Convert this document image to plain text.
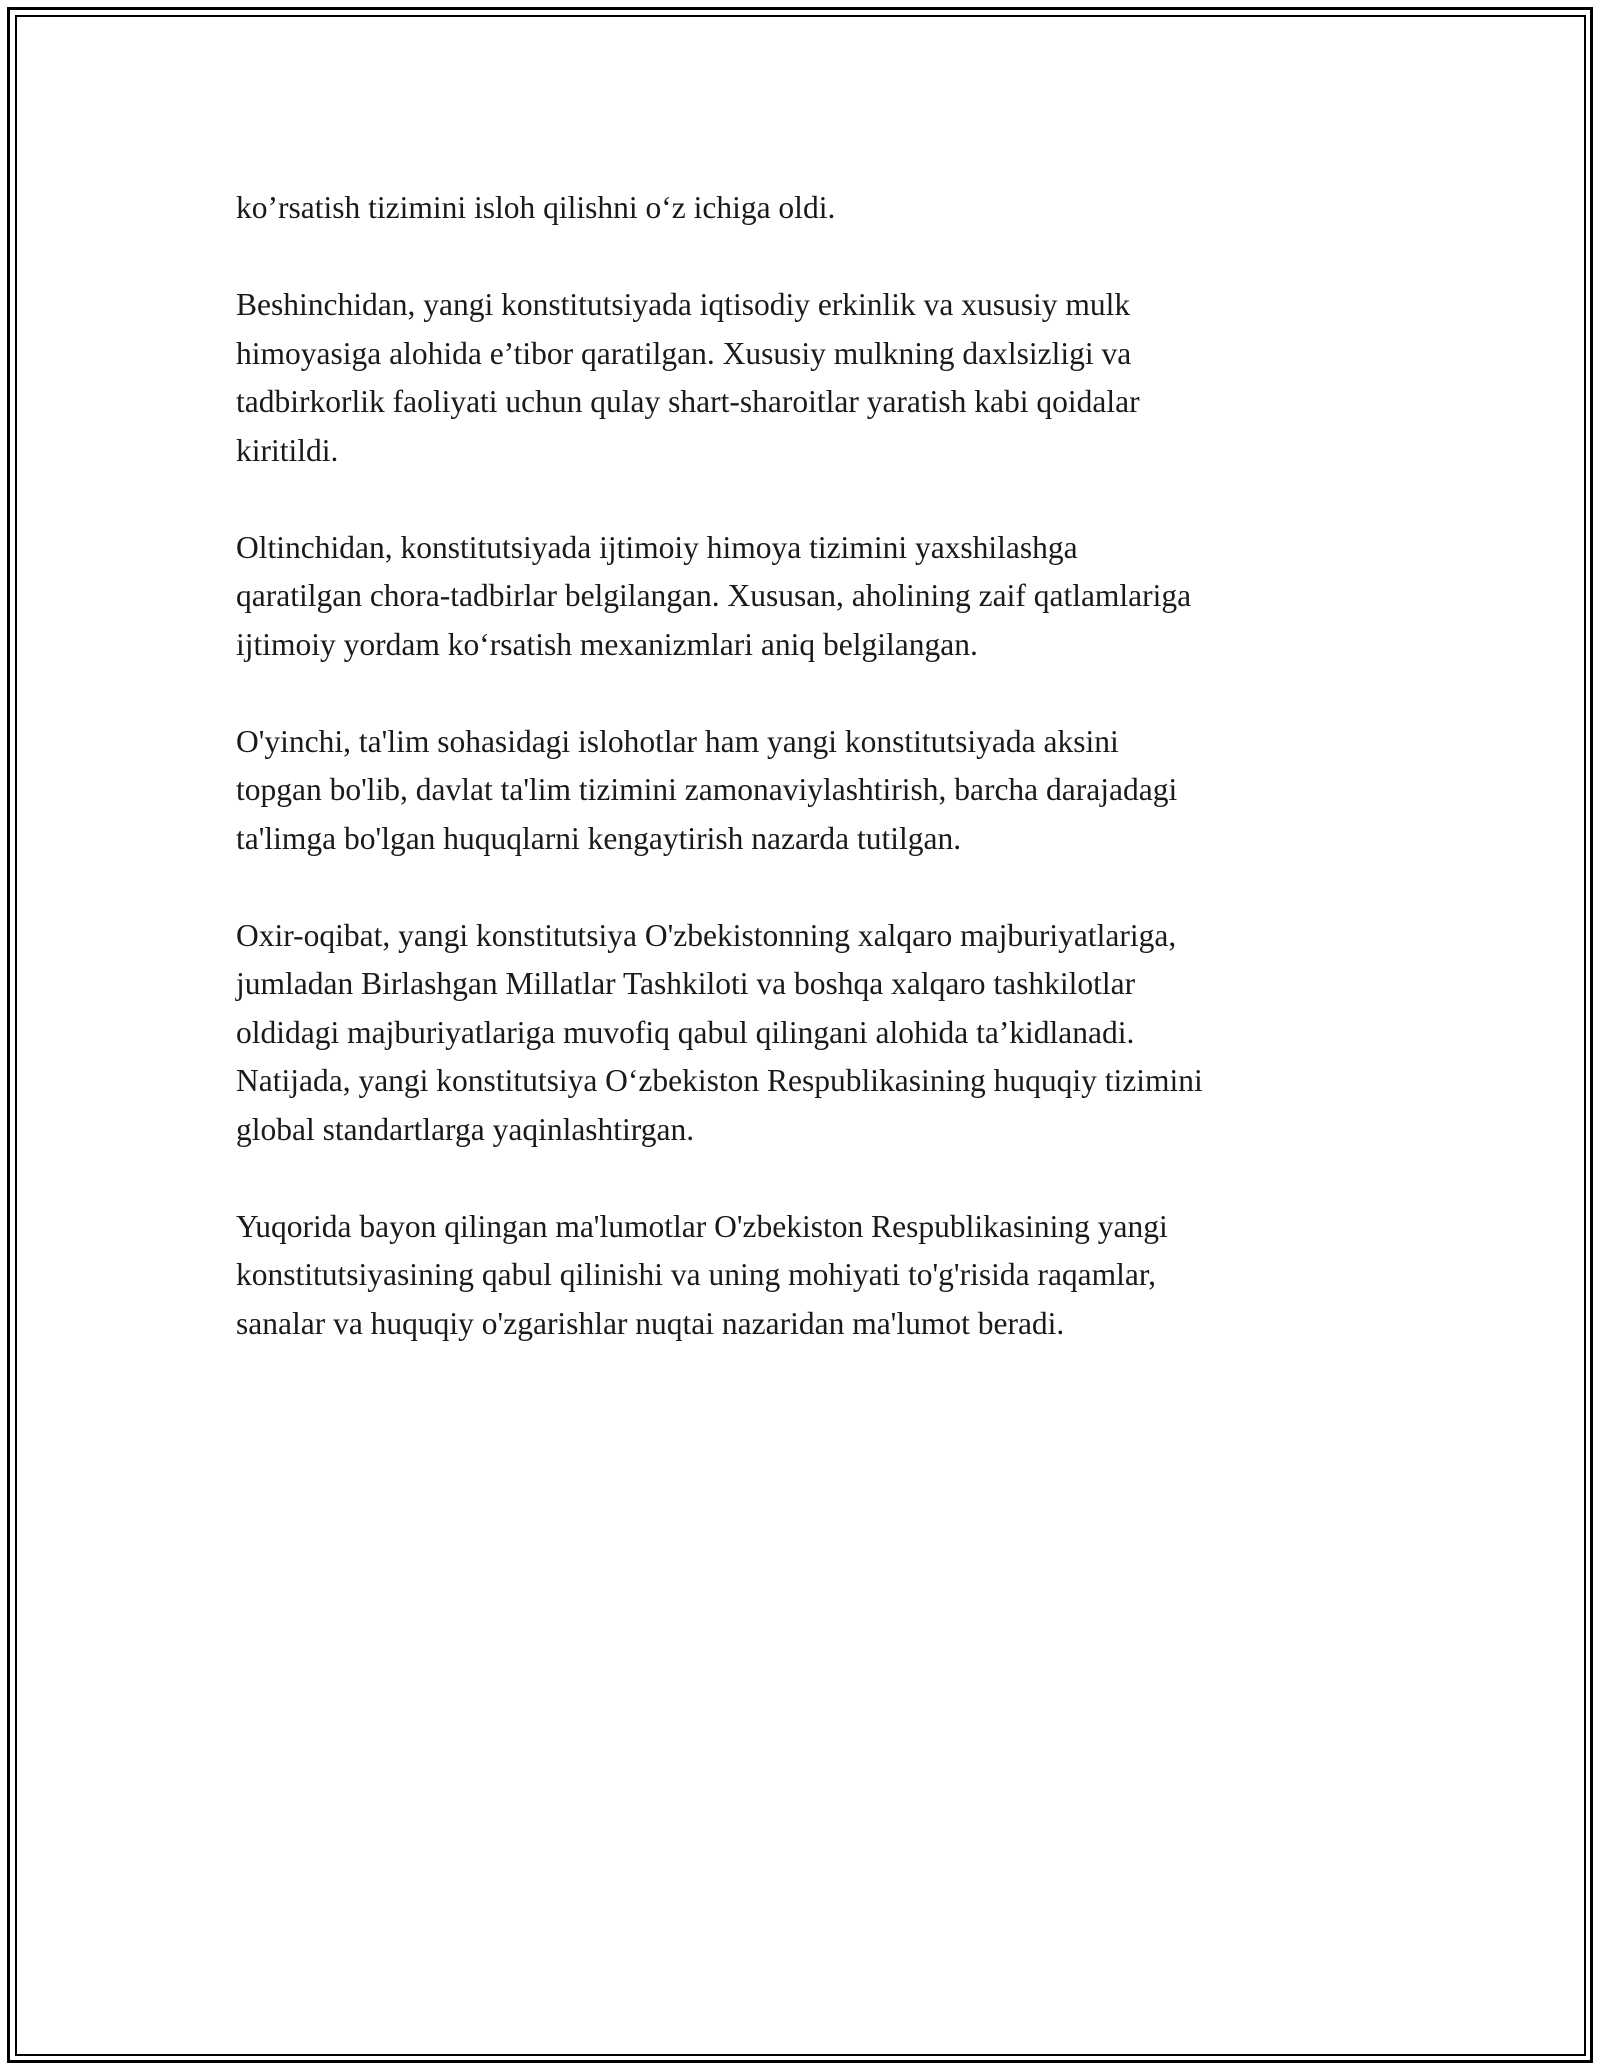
ko’rsatish tizimini isloh qilishni o‘z ichiga oldi.

Beshinchidan, yangi konstitutsiyada iqtisodiy erkinlik va xususiy mulk
himoyasiga alohida e’tibor qaratilgan. Xususiy mulkning daxlsizligi va
tadbirkorlik faoliyati uchun qulay shart-sharoitlar yaratish kabi qoidalar
kiritildi.

Oltinchidan, konstitutsiyada ijtimoiy himoya tizimini yaxshilashga
qaratilgan chora-tadbirlar belgilangan. Xususan, aholining zaif qatlamlariga
ijtimoiy yordam ko‘rsatish mexanizmlari aniq belgilangan.

O'yinchi, ta'lim sohasidagi islohotlar ham yangi konstitutsiyada aksini
topgan bo'lib, davlat ta'lim tizimini zamonaviylashtirish, barcha darajadagi
ta'limga bo'lgan huquqlarni kengaytirish nazarda tutilgan.

Oxir-oqibat, yangi konstitutsiya O'zbekistonning xalqaro majburiyatlariga,
jumladan Birlashgan Millatlar Tashkiloti va boshqa xalqaro tashkilotlar
oldidagi majburiyatlariga muvofiq qabul qilingani alohida ta’kidlanadi.
Natijada, yangi konstitutsiya O‘zbekiston Respublikasining huquqiy tizimini
global standartlarga yaqinlashtirgan.

Yuqorida bayon qilingan ma'lumotlar O'zbekiston Respublikasining yangi
konstitutsiyasining qabul qilinishi va uning mohiyati to'g'risida raqamlar,
sanalar va huquqiy o'zgarishlar nuqtai nazaridan ma'lumot beradi.
